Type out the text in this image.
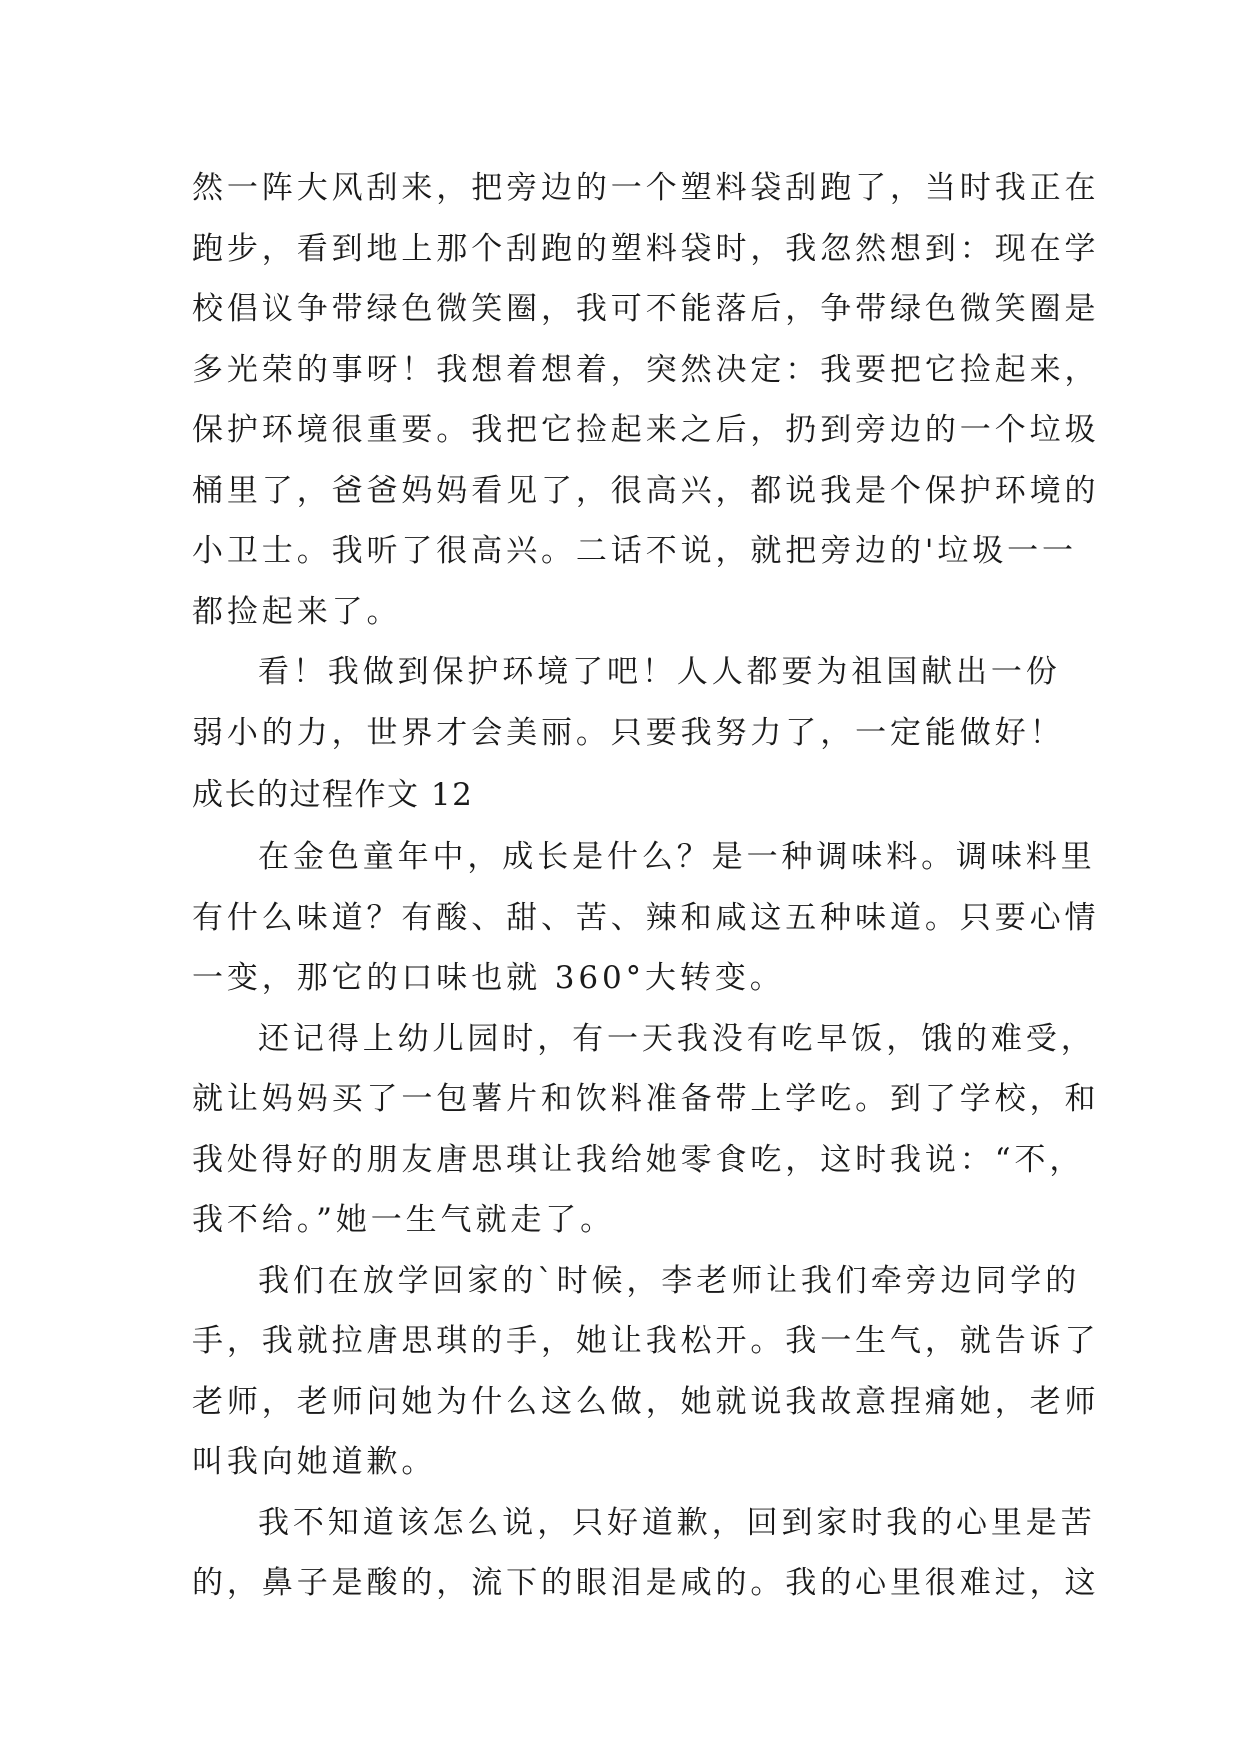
然一阵大风刮来，把旁边的一个塑料袋刮跑了，当时我正在
跑步，看到地上那个刮跑的塑料袋时，我忽然想到：现在学
校倡议争带绿色微笑圈，我可不能落后，争带绿色微笑圈是
多光荣的事呀！我想着想着，突然决定：我要把它捡起来，
保护环境很重要。我把它捡起来之后，扔到旁边的一个垃圾
桶里了，爸爸妈妈看见了，很高兴，都说我是个保护环境的
小卫士。我听了很高兴。二话不说，就把旁边的'垃圾一一
都捡起来了。
看！我做到保护环境了吧！人人都要为祖国献出一份
弱小的力，世界才会美丽。只要我努力了，一定能做好！
成长的过程作文 12
在金色童年中，成长是什么？是一种调味料。调味料里
有什么味道？有酸、甜、苦、辣和咸这五种味道。只要心情
一变，那它的口味也就 360°大转变。
还记得上幼儿园时，有一天我没有吃早饭，饿的难受，
就让妈妈买了一包薯片和饮料准备带上学吃。到了学校，和
我处得好的朋友唐思琪让我给她零食吃，这时我说：“不，
我不给。”她一生气就走了。
我们在放学回家的`时候，李老师让我们牵旁边同学的
手，我就拉唐思琪的手，她让我松开。我一生气，就告诉了
老师，老师问她为什么这么做，她就说我故意捏痛她，老师
叫我向她道歉。
我不知道该怎么说，只好道歉，回到家时我的心里是苦
的，鼻子是酸的，流下的眼泪是咸的。我的心里很难过，这
